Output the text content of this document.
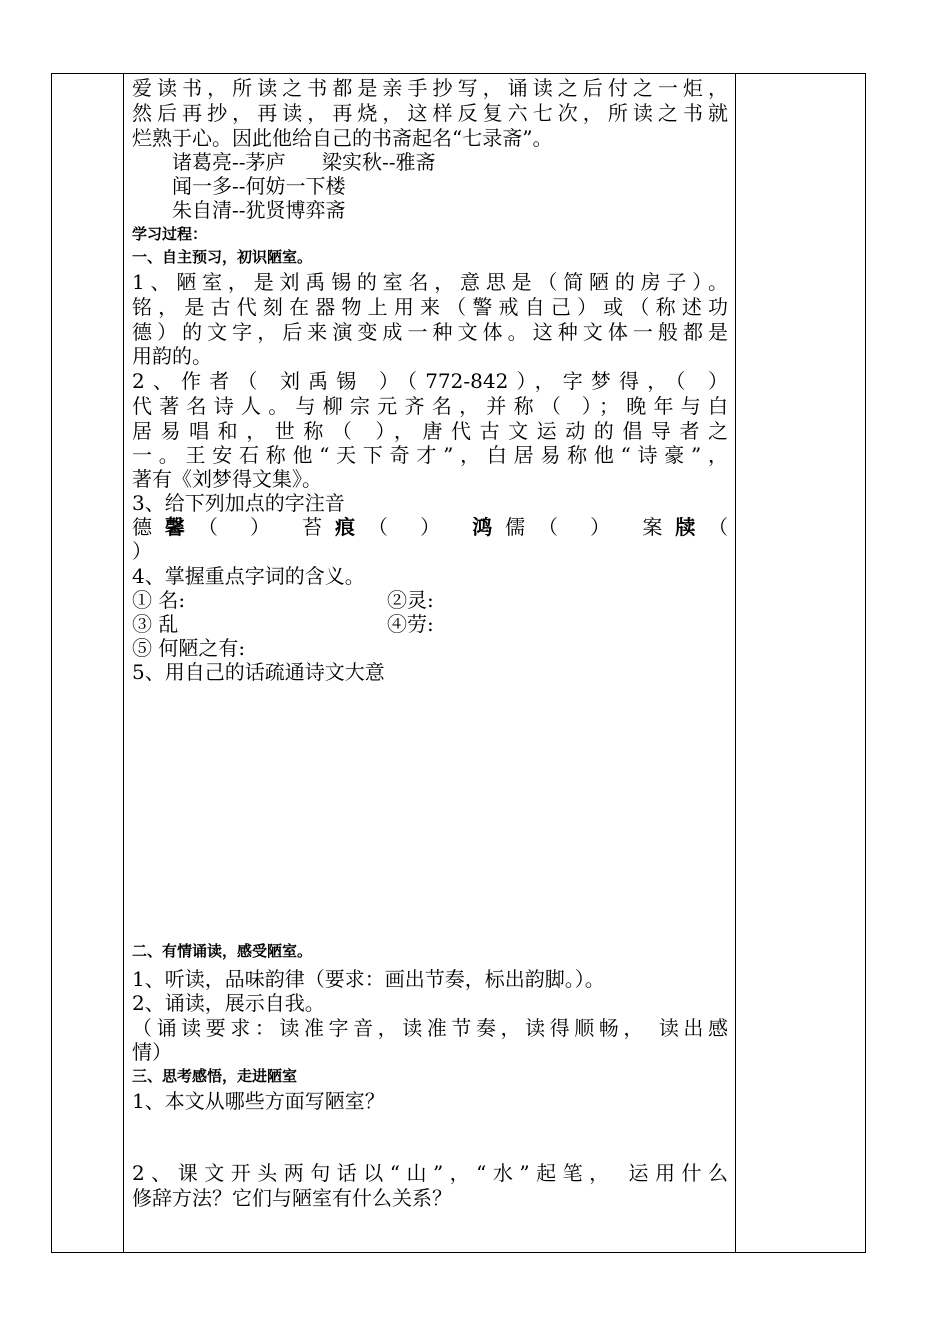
爱读书，所读之书都是亲手抄写，诵读之后付之一炬，
然后再抄，再读，再烧，这样反复六七次，所读之书就
烂熟于心。因此他给自己的书斋起名“七录斋”。
诸葛亮--茅庐 梁实秋--雅斋
闻一多--何妨一下楼
朱自清--犹贤博弈斋
学习过程：
一、自主预习，初识陋室。
1、陋室，是刘禹锡的室名，意思是（简陋的房子）。
铭，是古代刻在器物上用来（警戒自己）或（称述功
德）的文字，后来演变成一种文体。这种文体一般都是
用韵的。
2、作者（ 刘禹锡 ）（772-842），字梦得，（ ）
代著名诗人。与柳宗元齐名，并称（ ）；晚年与白
居易唱和，世称（ ），唐代古文运动的倡导者之
一。王安石称他“天下奇才”，白居易称他“诗豪”，
著有《刘梦得文集》。
3、给下列加点的字注音
德馨（ ） 苔痕（ ） 鸿儒（ ） 案牍（
）
4、掌握重点字词的含义。
① 名:	②灵:
③ 乱	④劳:
⑤ 何陋之有:
5、用自己的话疏通诗文大意
二、有情诵读，感受陋室。
1、听读，品味韵律（要求：画出节奏，标出韵脚。）。
2、诵读，展示自我。
（诵读要求：读准字音，读准节奏，读得顺畅， 读出感
情）
三、思考感悟，走进陋室
1、本文从哪些方面写陋室？
2、课文开头两句话以“山”，“水”起笔， 运用什么
修辞方法？它们与陋室有什么关系？
